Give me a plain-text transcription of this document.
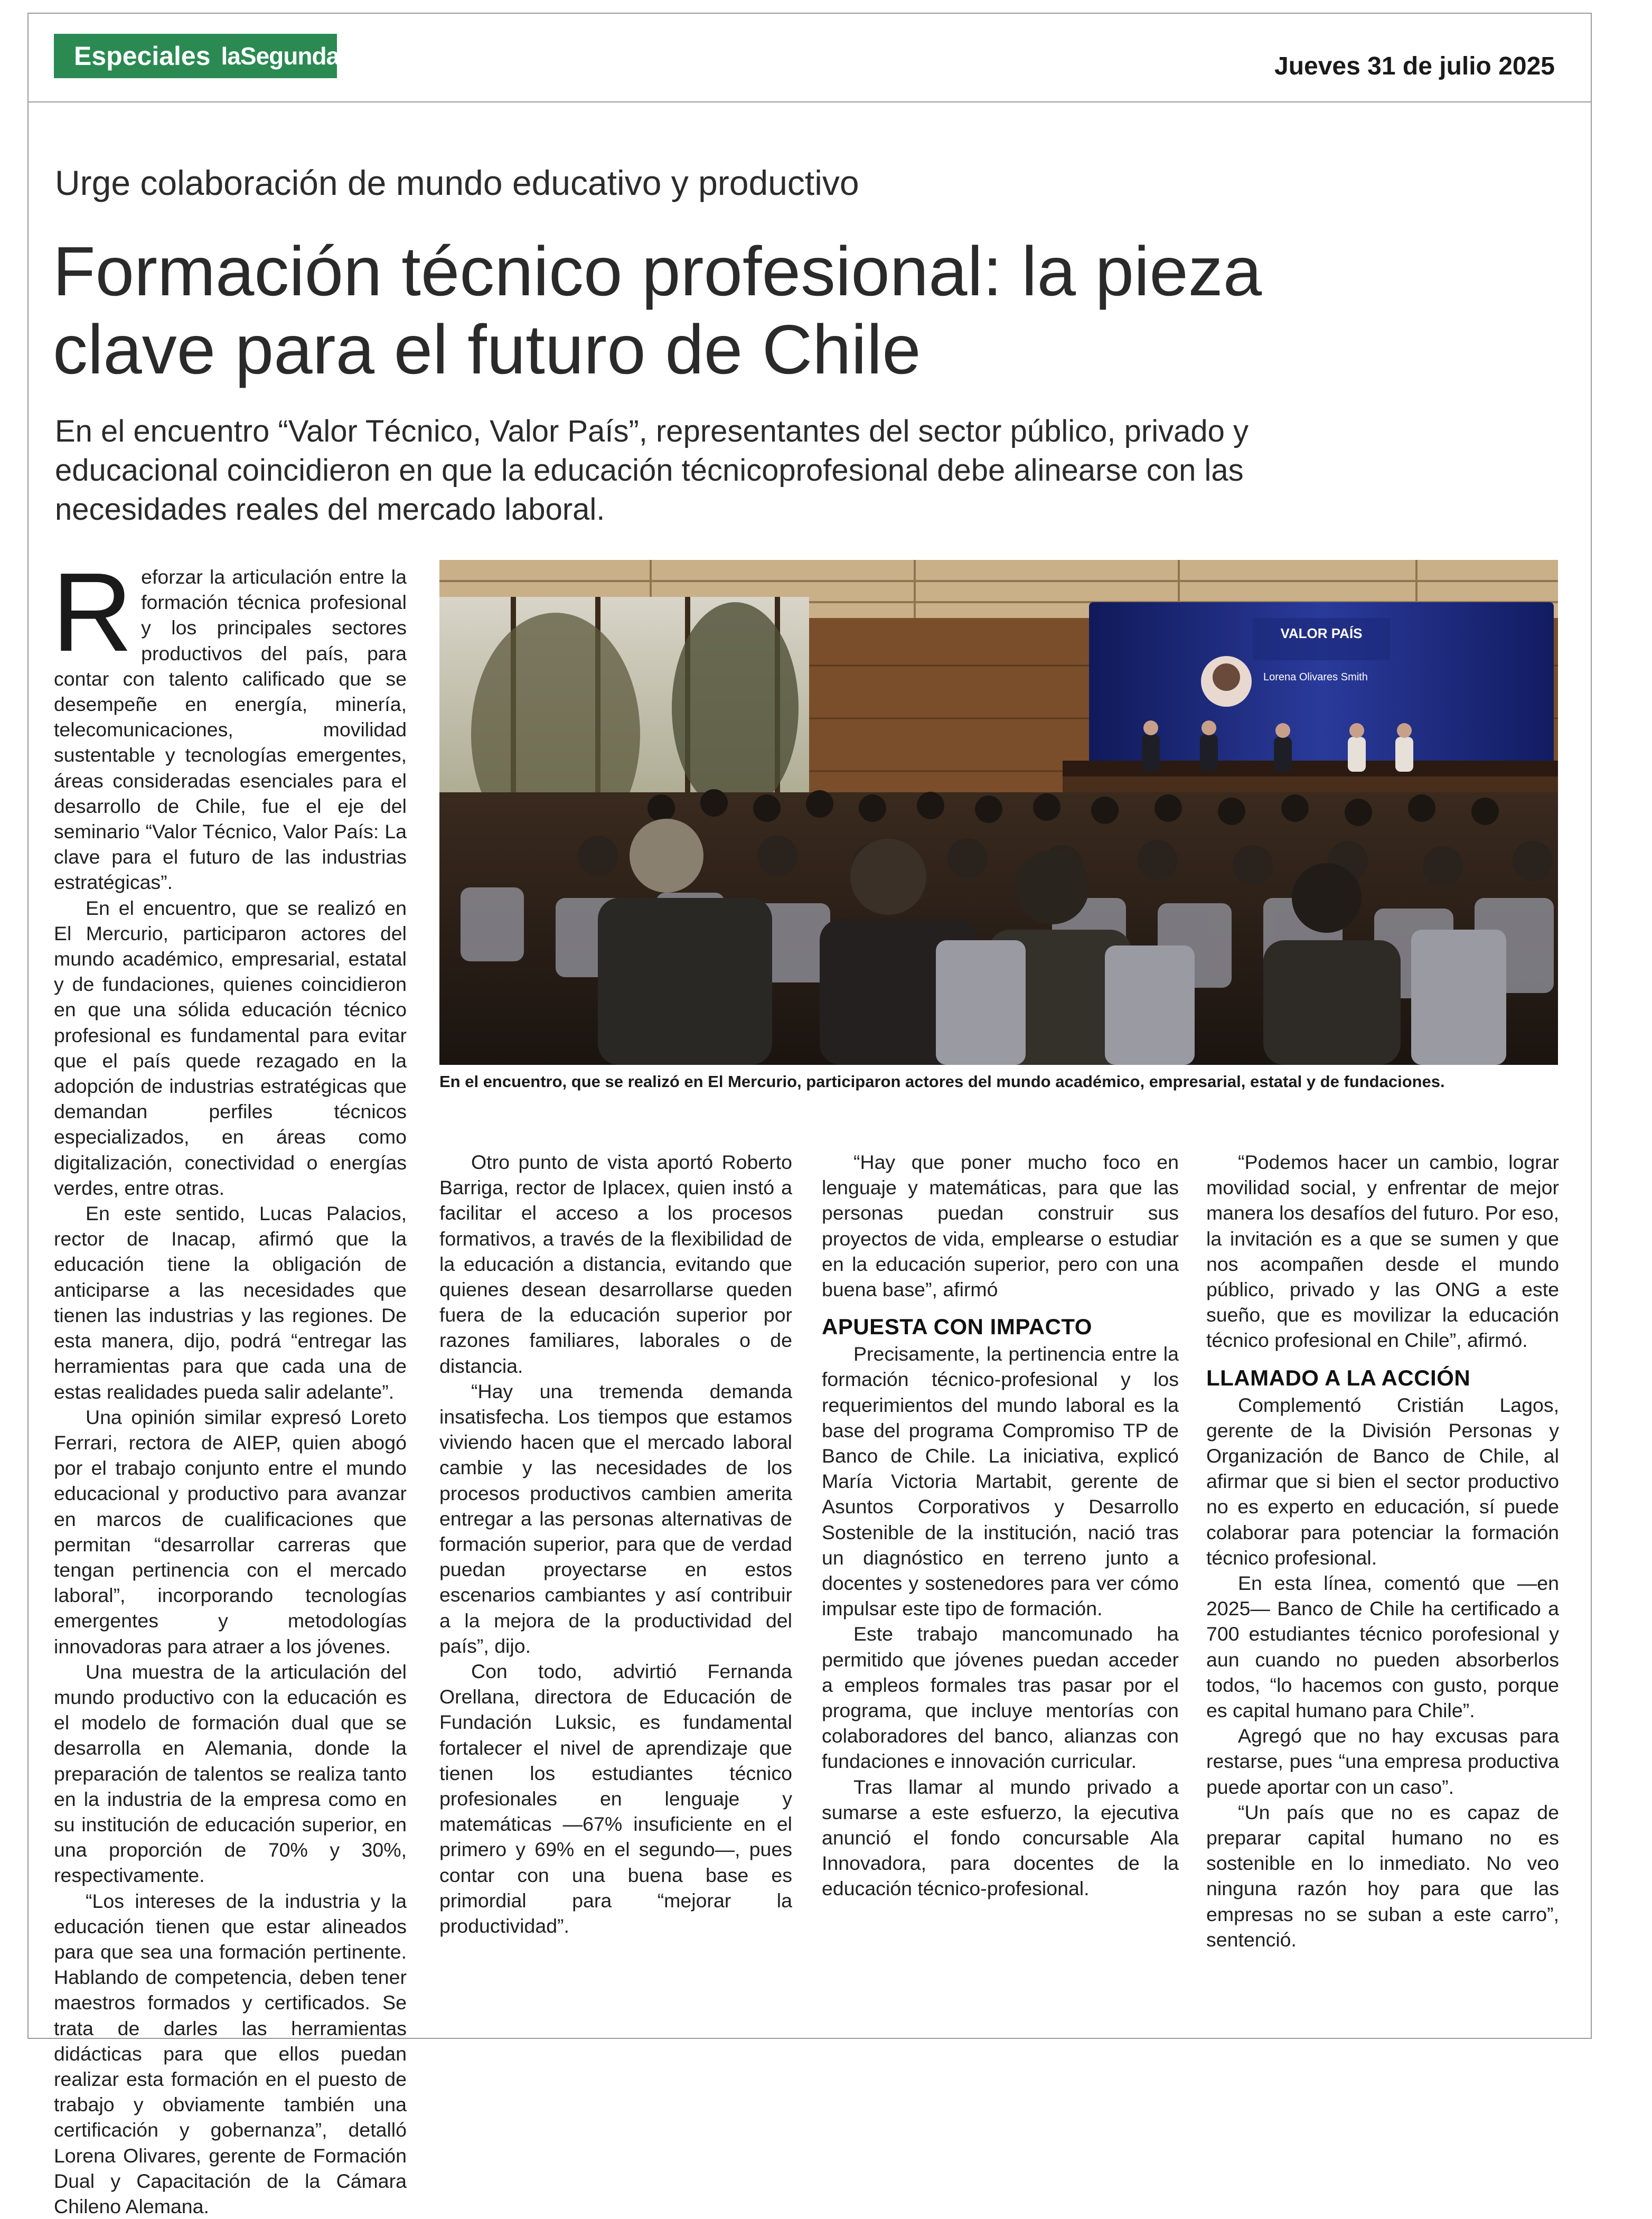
Especiales laSegunda	Jueves 31 de julio 2025
Urge colaboración de mundo educativo y productivo
Formación técnico profesional: la pieza
clave para el futuro de Chile
En el encuentro “Valor Técnico, Valor País”, representantes del sector público, privado y
educacional coincidieron en que la educación técnicoprofesional debe alinearse con las
necesidades reales del mercado laboral.
VALOR PAÍS
Lorena Olivares Smith
En el encuentro, que se realizó en El Mercurio, participaron actores del mundo académico, empresarial, estatal y de fundaciones.

Reforzar la articulación entre la formación técnica profesional y los principales sectores productivos del país, para contar con talento calificado que se desempeñe en energía, minería, telecomunicaciones, movilidad sustentable y tecnologías emergentes, áreas consideradas esenciales para el desarrollo de Chile, fue el eje del seminario “Valor Técnico, Valor País: La clave para el futuro de las industrias estratégicas”.

En el encuentro, que se realizó en El Mercurio, participaron actores del mundo académico, empresarial, estatal y de fundaciones, quienes coincidieron en que una sólida educación técnico profesional es fundamental para evitar que el país quede rezagado en la adopción de industrias estratégicas que demandan perfiles técnicos especializados, en áreas como digitalización, conectividad o energías verdes, entre otras.

En este sentido, Lucas Palacios, rector de Inacap, afirmó que la educación tiene la obligación de anticiparse a las necesidades que tienen las industrias y las regiones. De esta manera, dijo, podrá “entregar las herramientas para que cada una de estas realidades pueda salir adelante”.

Una opinión similar expresó Loreto Ferrari, rectora de AIEP, quien abogó por el trabajo conjunto entre el mundo educacional y productivo para avanzar en marcos de cualificaciones que permitan “desarrollar carreras que tengan pertinencia con el mercado laboral”, incorporando tecnologías emergentes y metodologías innovadoras para atraer a los jóvenes.

Una muestra de la articulación del mundo productivo con la educación es el modelo de formación dual que se desarrolla en Alemania, donde la preparación de talentos se realiza tanto en la industria de la empresa como en su institución de educación superior, en una proporción de 70% y 30%, respectivamente.

“Los intereses de la industria y la educación tienen que estar alineados para que sea una formación pertinente. Hablando de competencia, deben tener maestros formados y certificados. Se trata de darles las herramientas didácticas para que ellos puedan realizar esta formación en el puesto de trabajo y obviamente también una certificación y gobernanza”, detalló Lorena Olivares, gerente de Formación Dual y Capacitación de la Cámara Chileno Alemana.

Otro punto de vista aportó Roberto Barriga, rector de Iplacex, quien instó a facilitar el acceso a los procesos formativos, a través de la flexibilidad de la educación a distancia, evitando que quienes desean desarrollarse queden fuera de la educación superior por razones familiares, laborales o de distancia.

“Hay una tremenda demanda insatisfecha. Los tiempos que estamos viviendo hacen que el mercado laboral cambie y las necesidades de los procesos productivos cambien amerita entregar a las personas alternativas de formación superior, para que de verdad puedan proyectarse en estos escenarios cambiantes y así contribuir a la mejora de la productividad del país”, dijo.

Con todo, advirtió Fernanda Orellana, directora de Educación de Fundación Luksic, es fundamental fortalecer el nivel de aprendizaje que tienen los estudiantes técnico profesionales en lenguaje y matemáticas —67% insuficiente en el primero y 69% en el segundo—, pues contar con una buena base es primordial para “mejorar la productividad”.

“Hay que poner mucho foco en lenguaje y matemáticas, para que las personas puedan construir sus proyectos de vida, emplearse o estudiar en la educación superior, pero con una buena base”, afirmó

APUESTA CON IMPACTO

Precisamente, la pertinencia entre la formación técnico-profesional y los requerimientos del mundo laboral es la base del programa Compromiso TP de Banco de Chile. La iniciativa, explicó María Victoria Martabit, gerente de Asuntos Corporativos y Desarrollo Sostenible de la institución, nació tras un diagnóstico en terreno junto a docentes y sostenedores para ver cómo impulsar este tipo de formación.

Este trabajo mancomunado ha permitido que jóvenes puedan acceder a empleos formales tras pasar por el programa, que incluye mentorías con colaboradores del banco, alianzas con fundaciones e innovación curricular.

Tras llamar al mundo privado a sumarse a este esfuerzo, la ejecutiva anunció el fondo concursable Ala Innovadora, para docentes de la educación técnico-profesional.

“Podemos hacer un cambio, lograr movilidad social, y enfrentar de mejor manera los desafíos del futuro. Por eso, la invitación es a que se sumen y que nos acompañen desde el mundo público, privado y las ONG a este sueño, que es movilizar la educación técnico profesional en Chile”, afirmó.

LLAMADO A LA ACCIÓN

Complementó Cristián Lagos, gerente de la División Personas y Organización de Banco de Chile, al afirmar que si bien el sector productivo no es experto en educación, sí puede colaborar para potenciar la formación técnico profesional.

En esta línea, comentó que —en 2025— Banco de Chile ha certificado a 700 estudiantes técnico porofesional y aun cuando no pueden absorberlos todos, “lo hacemos con gusto, porque es capital humano para Chile”.

Agregó que no hay excusas para restarse, pues “una empresa productiva puede aportar con un caso”.

“Un país que no es capaz de preparar capital humano no es sostenible en lo inmediato. No veo ninguna razón hoy para que las empresas no se suban a este carro”, sentenció.
